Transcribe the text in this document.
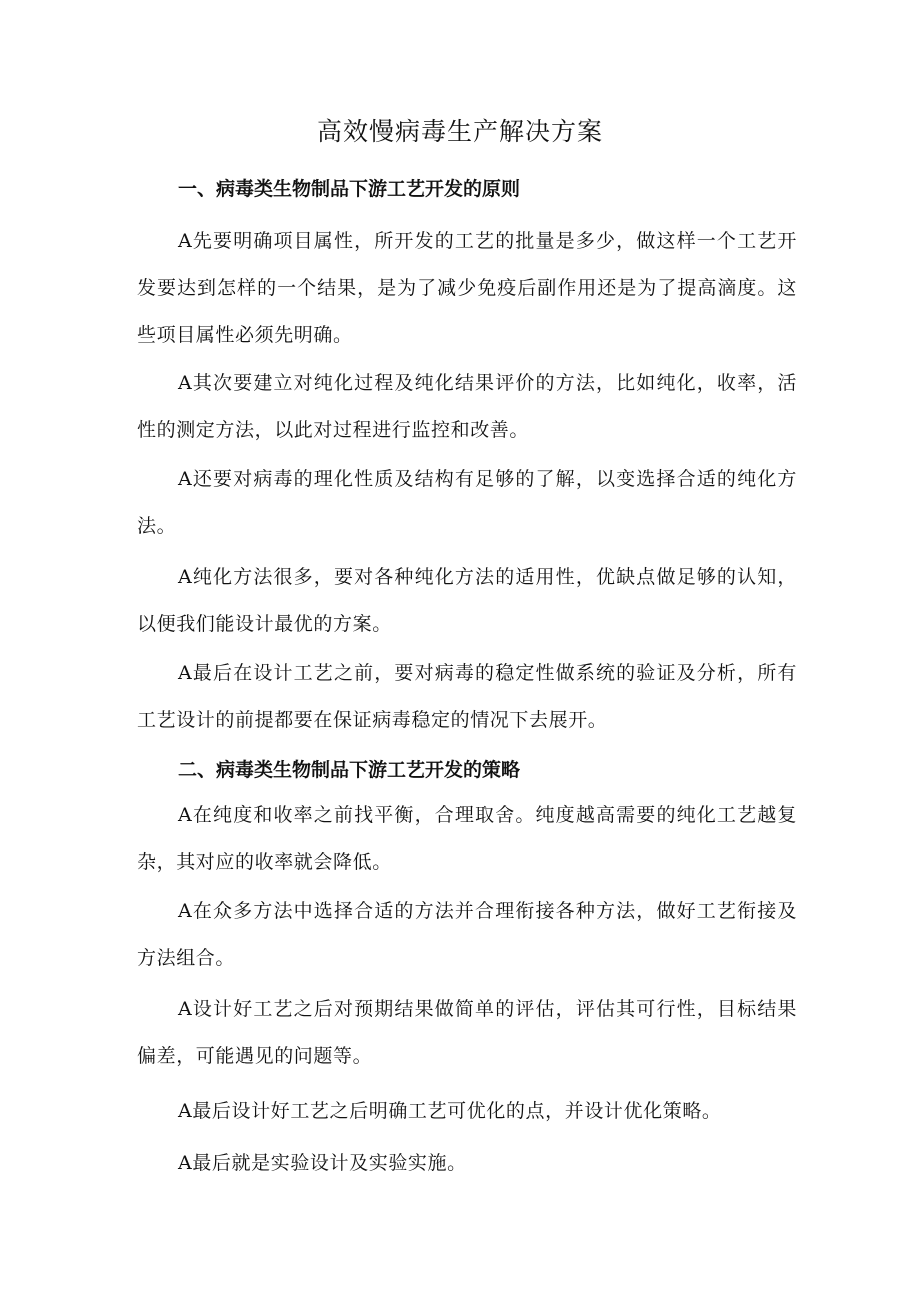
高效慢病毒生产解决方案
一、病毒类生物制品下游工艺开发的原则

A先要明确项目属性，所开发的工艺的批量是多少，做这样一个工艺开发要达到怎样的一个结果，是为了减少免疫后副作用还是为了提高滴度。这些项目属性必须先明确。

A其次要建立对纯化过程及纯化结果评价的方法，比如纯化，收率，活性的测定方法，以此对过程进行监控和改善。

A还要对病毒的理化性质及结构有足够的了解，以变选择合适的纯化方法。

A纯化方法很多，要对各种纯化方法的适用性，优缺点做足够的认知，以便我们能设计最优的方案。

A最后在设计工艺之前，要对病毒的稳定性做系统的验证及分析，所有工艺设计的前提都要在保证病毒稳定的情况下去展开。

二、病毒类生物制品下游工艺开发的策略

A在纯度和收率之前找平衡，合理取舍。纯度越高需要的纯化工艺越复杂，其对应的收率就会降低。

A在众多方法中选择合适的方法并合理衔接各种方法，做好工艺衔接及方法组合。

A设计好工艺之后对预期结果做简单的评估，评估其可行性，目标结果偏差，可能遇见的问题等。

A最后设计好工艺之后明确工艺可优化的点，并设计优化策略。

A最后就是实验设计及实验实施。
